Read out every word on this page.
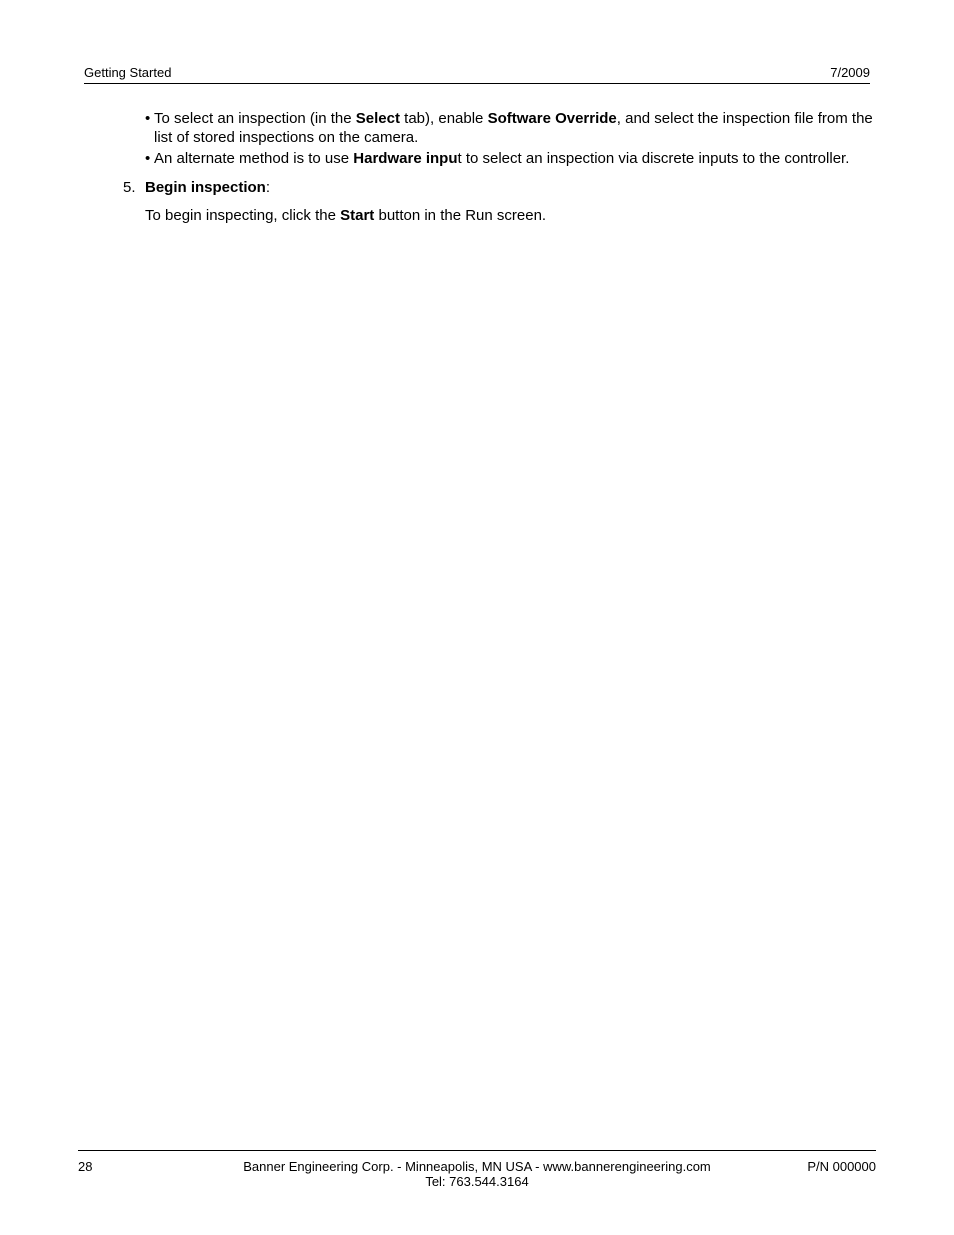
Getting Started	7/2009
• To select an inspection (in the Select tab), enable Software Override, and select the inspection file from the list of stored inspections on the camera.
• An alternate method is to use Hardware input to select an inspection via discrete inputs to the controller.
5. Begin inspection:
To begin inspecting, click the Start button in the Run screen.
28	Banner Engineering Corp. - Minneapolis, MN USA - www.bannerengineering.com
Tel: 763.544.3164
P/N 000000
